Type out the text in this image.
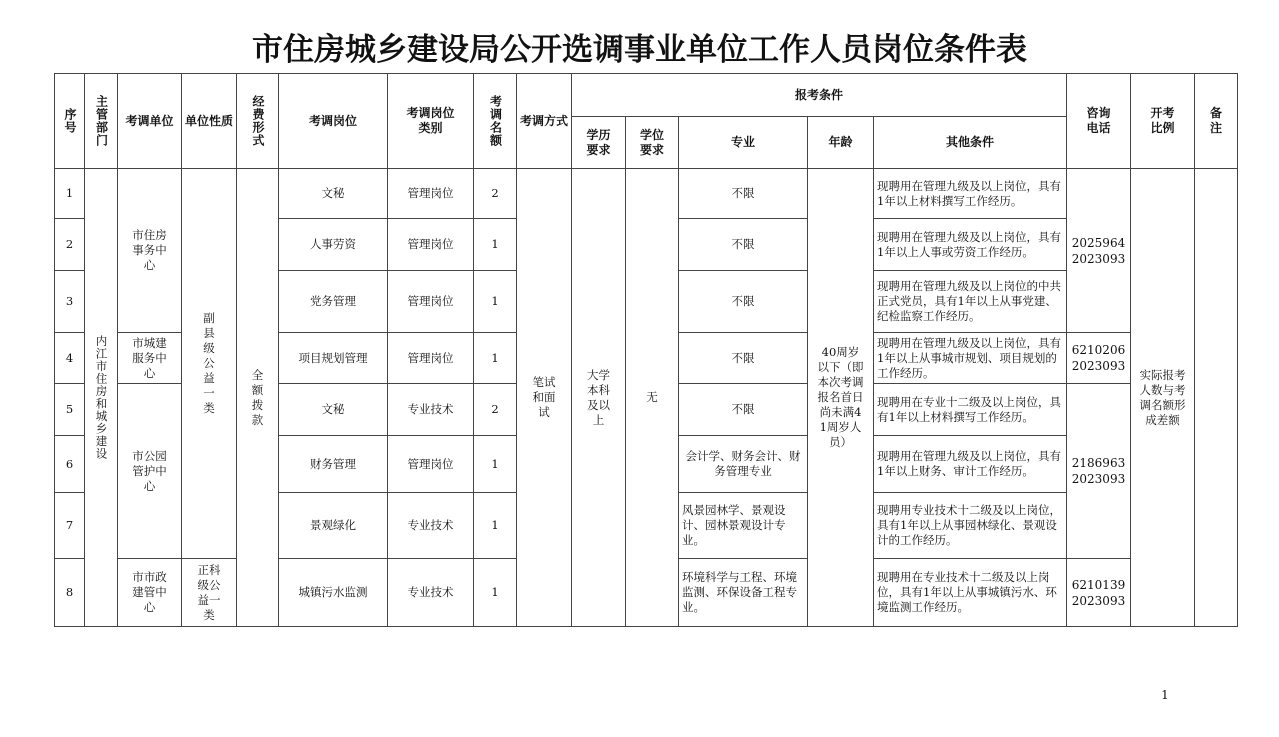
市住房城乡建设局公开选调事业单位工作人员岗位条件表
序号	主管部门	考调单位	单位性质	经费形式	考调岗位	考调岗位类别	考调名额	考调方式	报考条件					咨询电话	开考比例	备注
									学历要求	学位要求	专业	年龄	其他条件			
1	内江市住房和城乡建设	市住房事务中心	副县级公益一类	全额拨款	文秘	管理岗位	2	笔试和面试	大学本科及以上	无	不限	40周岁以下（即本次考调报名首日尚未满41周岁人员）	现聘用在管理九级及以上岗位，具有1年以上材料撰写工作经历。	2025964 2023093	实际报考人数与考调名额形成差额	
2					人事劳资	管理岗位	1				不限		现聘用在管理九级及以上岗位，具有1年以上人事或劳资工作经历。			
3					党务管理	管理岗位	1				不限		现聘用在管理九级及以上岗位的中共正式党员，具有1年以上从事党建、纪检监察工作经历。			
4		市城建服务中心			项目规划管理	管理岗位	1				不限		现聘用在管理九级及以上岗位，具有1年以上从事城市规划、项目规划的工作经历。	6210206 2023093		
5		市公园管护中心			文秘	专业技术	2				不限		现聘用在专业十二级及以上岗位，具有1年以上材料撰写工作经历。	2186963 2023093		
6					财务管理	管理岗位	1				会计学、财务会计、财务管理专业		现聘用在管理九级及以上岗位，具有1年以上财务、审计工作经历。			
7					景观绿化	专业技术	1				风景园林学、景观设计、园林景观设计专业。		现聘用专业技术十二级及以上岗位，具有1年以上从事园林绿化、景观设计的工作经历。			
8		市市政建管中心	正科级公益一类		城镇污水监测	专业技术	1				环境科学与工程、环境监测、环保设备工程专业。		现聘用在专业技术十二级及以上岗位，具有1年以上从事城镇污水、环境监测工作经历。	6210139 2023093		
1
